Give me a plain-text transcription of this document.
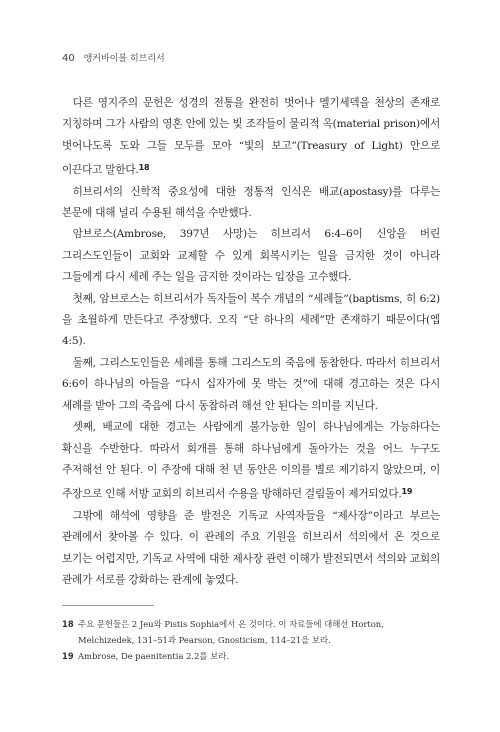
40 앵커바이블 히브리서

다른 영지주의 문헌은 성경의 전통을 완전히 벗어나 멜기세덱을 천상의 존재로 지칭하며 그가 사람의 영혼 안에 있는 빛 조각들이 물리적 옥(material prison)에서 벗어나도록 도와 그들 모두를 모아 “빛의 보고”(Treasury of Light) 안으로 이끈다고 말한다.$^{18}$

히브리서의 신학적 중요성에 대한 정통적 인식은 배교(apostasy)를 다루는 본문에 대해 널리 수용된 해석을 수반했다.

암브로스(Ambrose, 397년 사망)는 히브리서 6:4–6이 신앙을 버린 그리스도인들이 교회와 교제할 수 있게 회복시키는 일을 금지한 것이 아니라 그들에게 다시 세례 주는 일을 금지한 것이라는 입장을 고수했다.

첫째, 암브로스는 히브리서가 독자들이 복수 개념의 “세례들”(baptisms, 히 6:2)을 초월하게 만든다고 주장했다. 오직 “단 하나의 세례”만 존재하기 때문이다(엡 4:5).

둘째, 그리스도인들은 세례를 통해 그리스도의 죽음에 동참한다. 따라서 히브리서 6:6이 하나님의 아들을 “다시 십자가에 못 박는 것”에 대해 경고하는 것은 다시 세례를 받아 그의 죽음에 다시 동참하려 해선 안 된다는 의미를 지닌다.

셋째, 배교에 대한 경고는 사람에게 불가능한 일이 하나님에게는 가능하다는 확신을 수반한다. 따라서 회개를 통해 하나님에게 돌아가는 것을 어느 누구도 주저해선 안 된다. 이 주장에 대해 천 년 동안은 이의를 별로 제기하지 않았으며, 이 주장으로 인해 서방 교회의 히브리서 수용을 방해하던 걸림돌이 제거되었다.$^{19}$

그밖에 해석에 영향을 준 발전은 기독교 사역자들을 “제사장”이라고 부르는 관례에서 찾아볼 수 있다. 이 관례의 주요 기원을 히브리서 석의에서 온 것으로 보기는 어렵지만, 기독교 사역에 대한 제사장 관련 이해가 발전되면서 석의와 교회의 관례가 서로를 강화하는 관계에 놓였다.

18 주요 문헌들은 2 Jeu와 Pistis Sophia에서 온 것이다. 이 자료들에 대해선 Horton, Melchizedek, 131–51과 Pearson, Gnosticism, 114–21을 보라.
19 Ambrose, De paenitentia 2.2를 보라.
